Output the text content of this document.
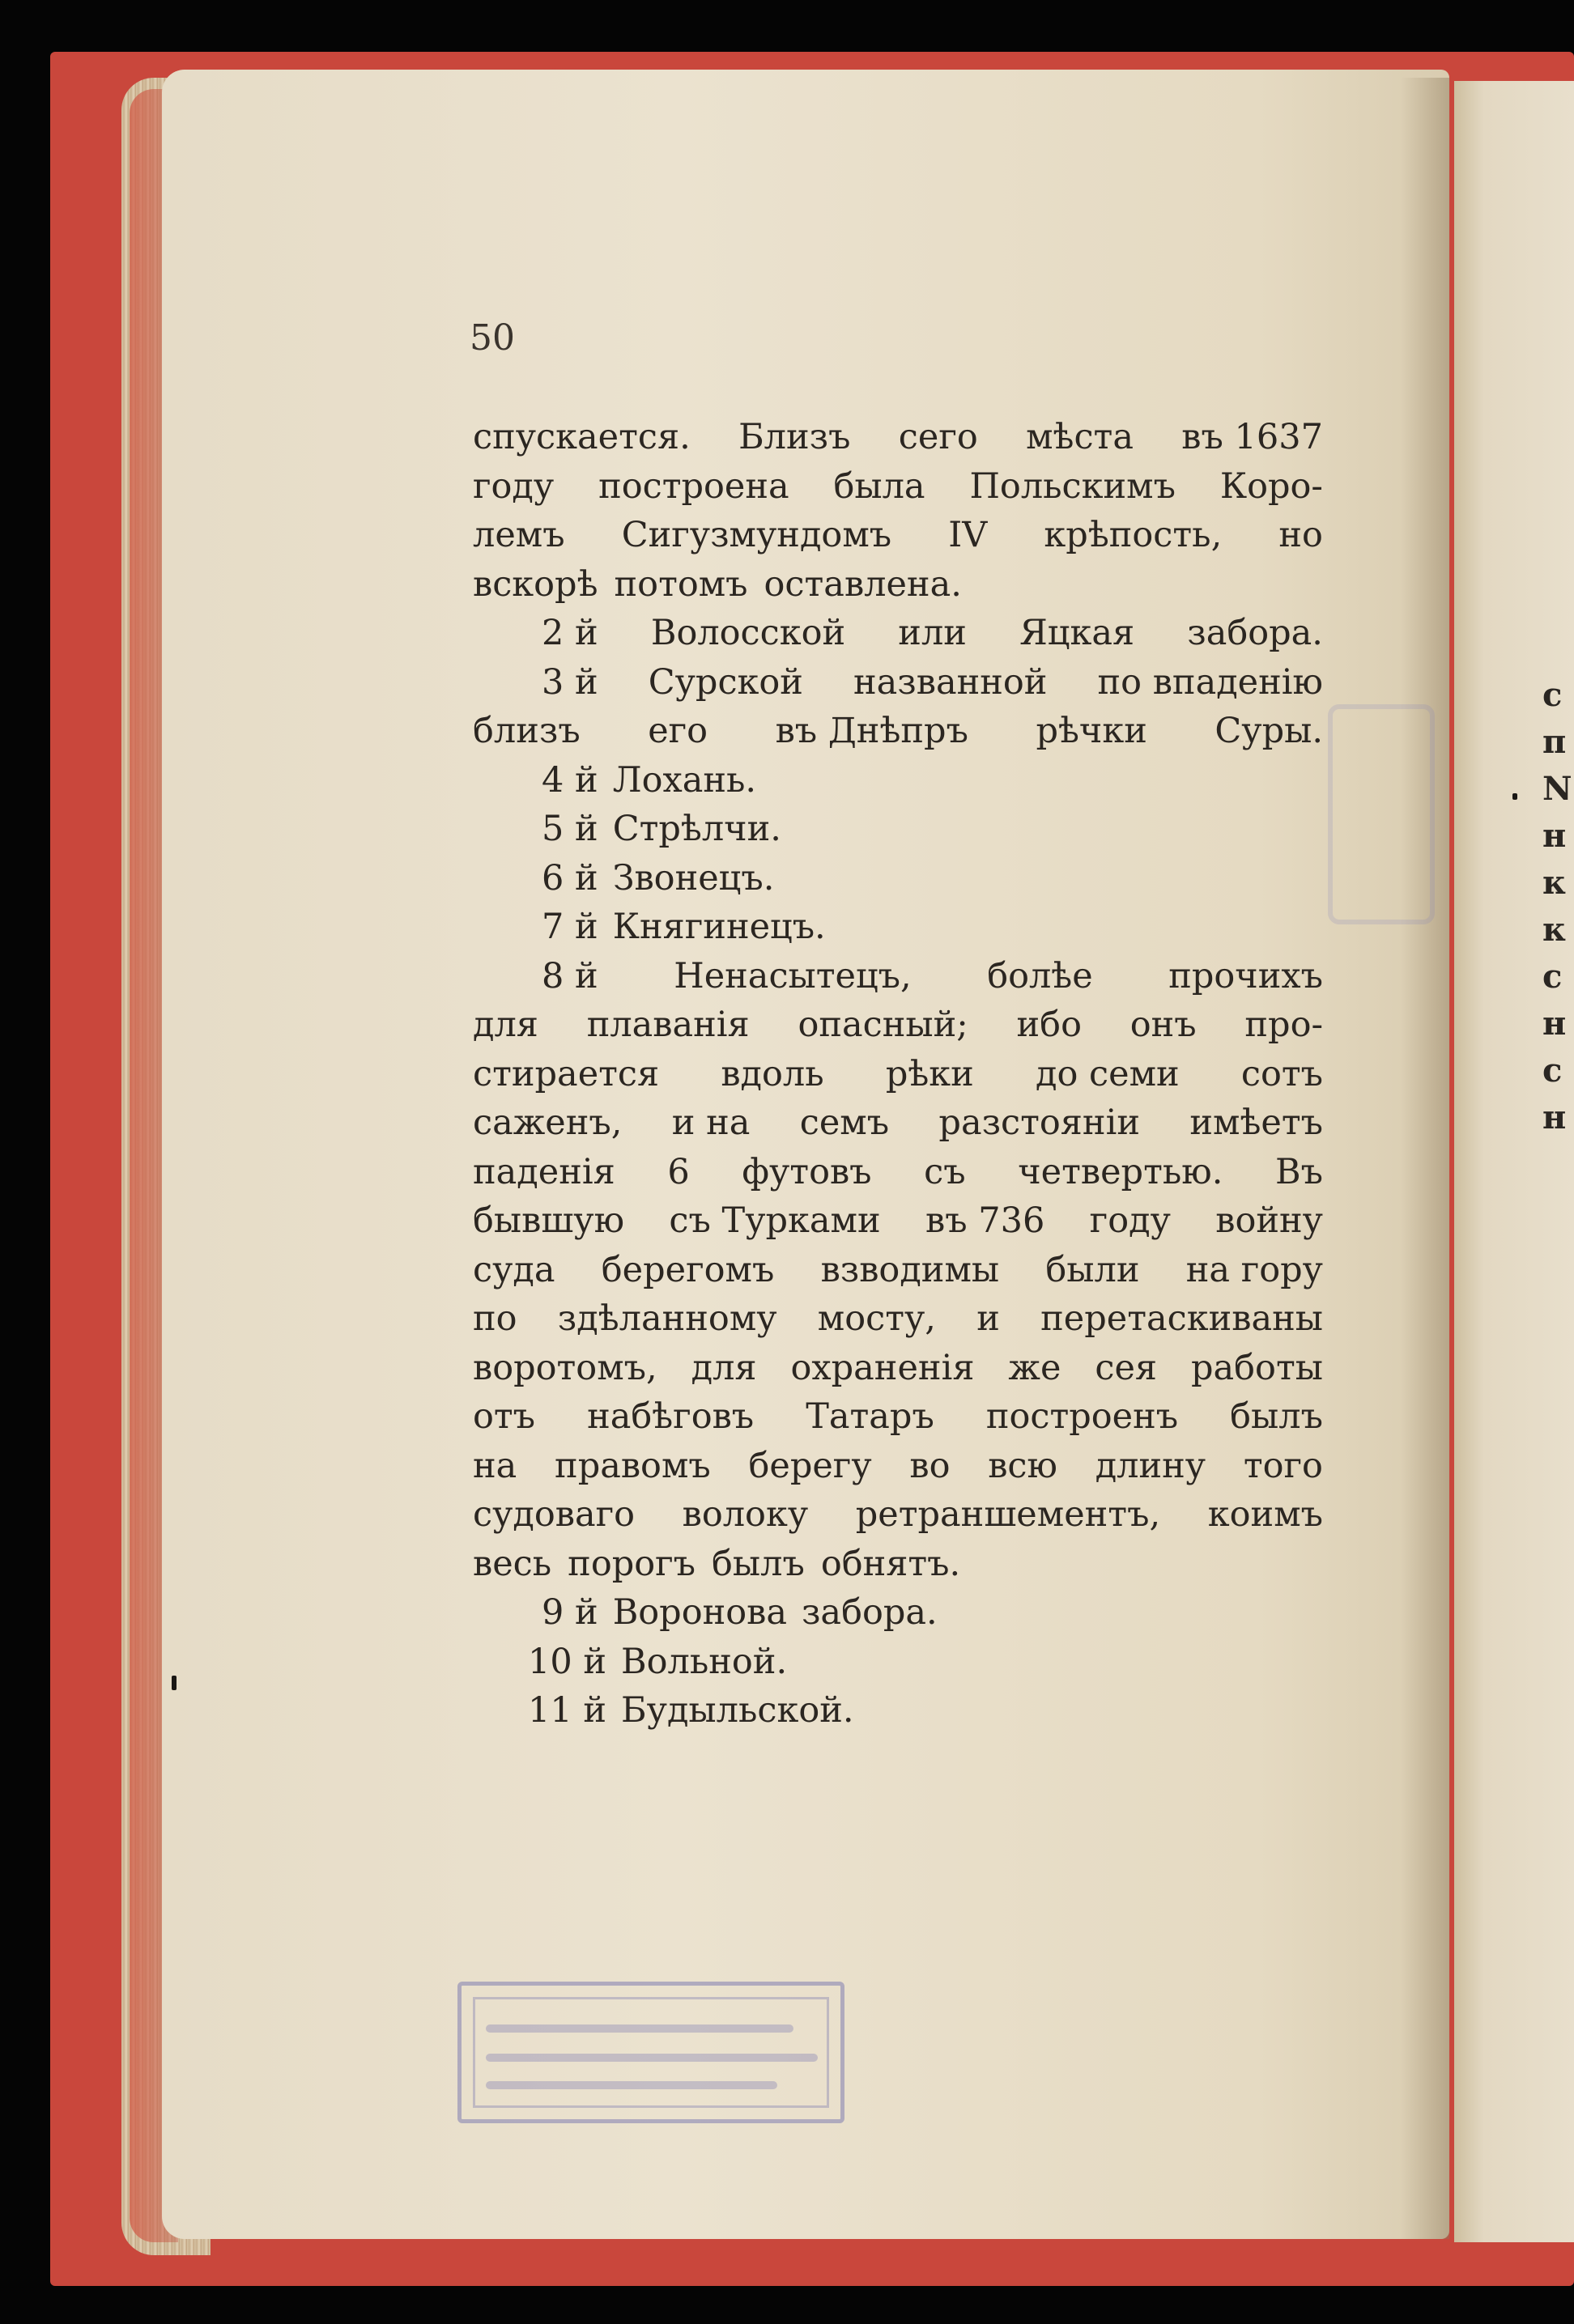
с
п
N
н
к
к
с
н
с
н
50
спускается. Близъ сего мѣста въ 1637
году построена была Польскимъ Коро-
лемъ Сигузмундомъ IV крѣпость, но
вскорѣ потомъ оставлена.
2 й Волосской или Яцкая забора.
3 й Сурской названной по впаденiю
близъ его въ Днѣпръ рѣчки Суры.
4 й Лохань.
5 й Стрѣлчи.
6 й Звонецъ.
7 й Княгинецъ.
8 й Ненасытецъ, болѣе прочихъ
для плаванiя опасный; ибо онъ про-
стирается вдоль рѣки до семи сотъ
саженъ, и на семъ разстоянiи имѣетъ
паденiя 6 футовъ съ четвертью. Въ
бывшую съ Турками въ 736 году войну
суда берегомъ взводимы были на гору
по здѣланному мосту, и перетаскиваны
воротомъ, для охраненiя же сея работы
отъ набѣговъ Татаръ построенъ былъ
на правомъ берегу во всю длину того
судоваго волоку ретраншементъ, коимъ
весь порогъ былъ обнятъ.
9 й Воронова забора.
10 й Вольной.
11 й Будыльской.
